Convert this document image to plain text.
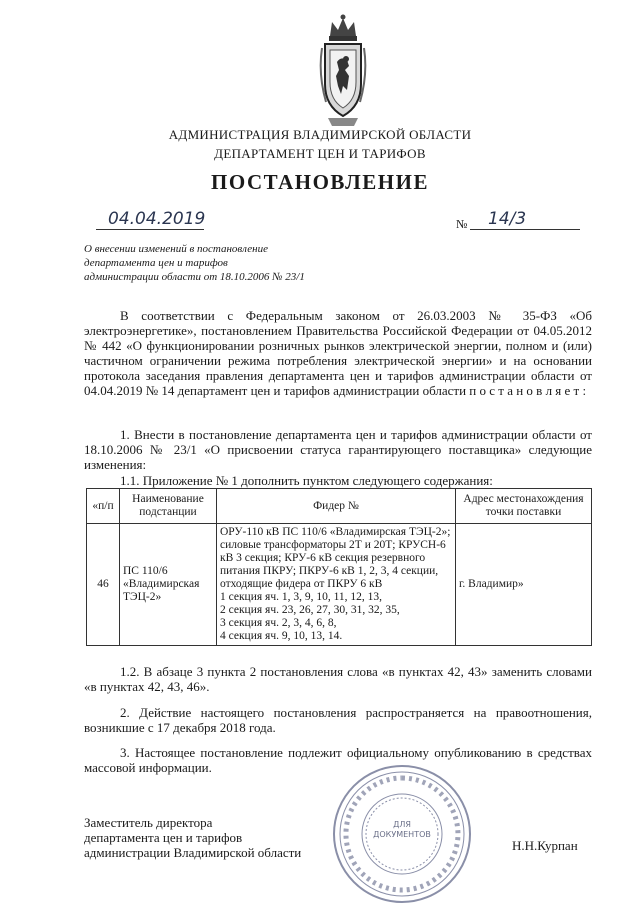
АДМИНИСТРАЦИЯ ВЛАДИМИРСКОЙ ОБЛАСТИ
ДЕПАРТАМЕНТ ЦЕН И ТАРИФОВ
ПОСТАНОВЛЕНИЕ
04.04.2019	№ 14/3
О внесении изменений в постановление
департамента цен и тарифов
администрации области от 18.10.2006 № 23/1
В соответствии с Федеральным законом от 26.03.2003 № 35-ФЗ «Об электроэнергетике», постановлением Правительства Российской Федерации от 04.05.2012 № 442 «О функционировании розничных рынков электрической энергии, полном и (или) частичном ограничении режима потребления электрической энергии» и на основании протокола заседания правления департамента цен и тарифов администрации области от 04.04.2019 № 14 департамент цен и тарифов администрации области п о с т а н о в л я е т :
1. Внести в постановление департамента цен и тарифов администрации области от 18.10.2006 № 23/1 «О присвоении статуса гарантирующего поставщика» следующие изменения:
1.1. Приложение № 1 дополнить пунктом следующего содержания:
«п/п	Наименование подстанции	Фидер №	Адрес местонахождения точки поставки
46	ПС 110/6 «Владимирская ТЭЦ-2»	ОРУ-110 кВ ПС 110/6 «Владимирская ТЭЦ-2»; силовые трансформаторы 2Т и 20Т; КРУСН-6 кВ 3 секция; КРУ-6 кВ секция резервного питания ПКРУ; ПКРУ-6 кВ 1, 2, 3, 4 секции, отходящие фидера от ПКРУ 6 кВ
1 секция яч. 1, 3, 9, 10, 11, 12, 13,
2 секция яч. 23, 26, 27, 30, 31, 32, 35,
3 секция яч. 2, 3, 4, 6, 8,
4 секция яч. 9, 10, 13, 14.	г. Владимир»
1.2. В абзаце 3 пункта 2 постановления слова «в пунктах 42, 43» заменить словами «в пунктах 42, 43, 46».
2. Действие настоящего постановления распространяется на правоотношения, возникшие с 17 декабря 2018 года.
3. Настоящее постановление подлежит официальному опубликованию в средствах массовой информации.
ДЛЯ
ДОКУМЕНТОВ
Заместитель директора
департамента цен и тарифов
администрации Владимирской области	Н.Н.Курпан
